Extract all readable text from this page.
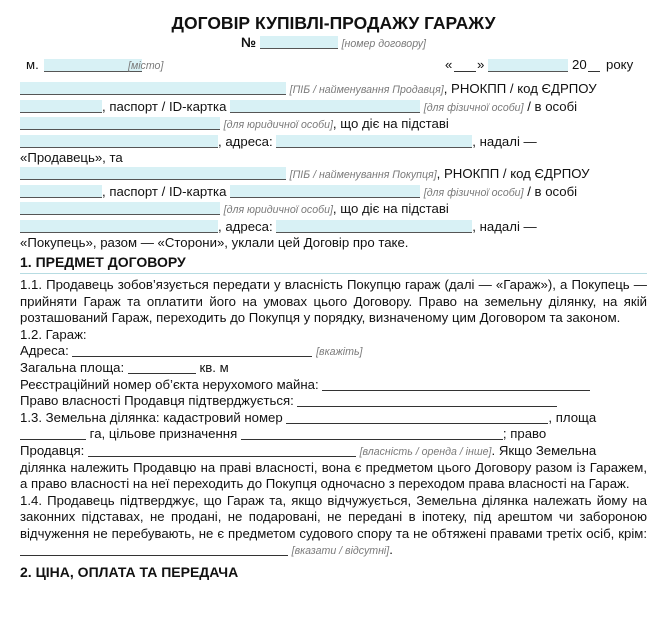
ДОГОВІР КУПІВЛІ-ПРОДАЖУ ГАРАЖУ
№	[номер договору]
м.	[місто]	« »	20 року
[ПІБ / найменування Продавця], РНОКПП / код ЄДРПОУ
, паспорт / ID-картка	[для фізичної особи] / в особі
[для юридичної особи], що діє на підставі
, адреса:	, надалі —
«Продавець», та
[ПІБ / найменування Покупця], РНОКПП / код ЄДРПОУ
, паспорт / ID-картка	[для фізичної особи] / в особі
[для юридичної особи], що діє на підставі
, адреса:	, надалі —
«Покупець», разом — «Сторони», уклали цей Договір про таке.
1. ПРЕДМЕТ ДОГОВОРУ
1.1. Продавець зобов’язується передати у власність Покупцю гараж (далі — «Гараж»), а Покупець — прийняти Гараж та оплатити його на умовах цього Договору. Право на земельну ділянку, на якій розташований Гараж, переходить до Покупця у порядку, визначеному цим Договором та законом.
1.2. Гараж:
Адреса:	[вкажіть]
Загальна площа:	кв. м
Реєстраційний номер об’єкта нерухомого майна:
Право власності Продавця підтверджується:
1.3. Земельна ділянка: кадастровий номер	, площа
га, цільове призначення	; право
Продавця:	[власність / оренда / інше]. Якщо Земельна
ділянка належить Продавцю на праві власності, вона є предметом цього Договору разом із Гаражем, а право власності на неї переходить до Покупця одночасно з переходом права власності на Гараж.
1.4. Продавець підтверджує, що Гараж та, якщо відчужується, Земельна ділянка належать йому на законних підставах, не продані, не подаровані, не передані в іпотеку, під арештом чи забороною відчуження не перебувають, не є предметом судового спору та не обтяжені правами третіх осіб, крім:  [вказати / відсутні].
2. ЦІНА, ОПЛАТА ТА ПЕРЕДАЧА
